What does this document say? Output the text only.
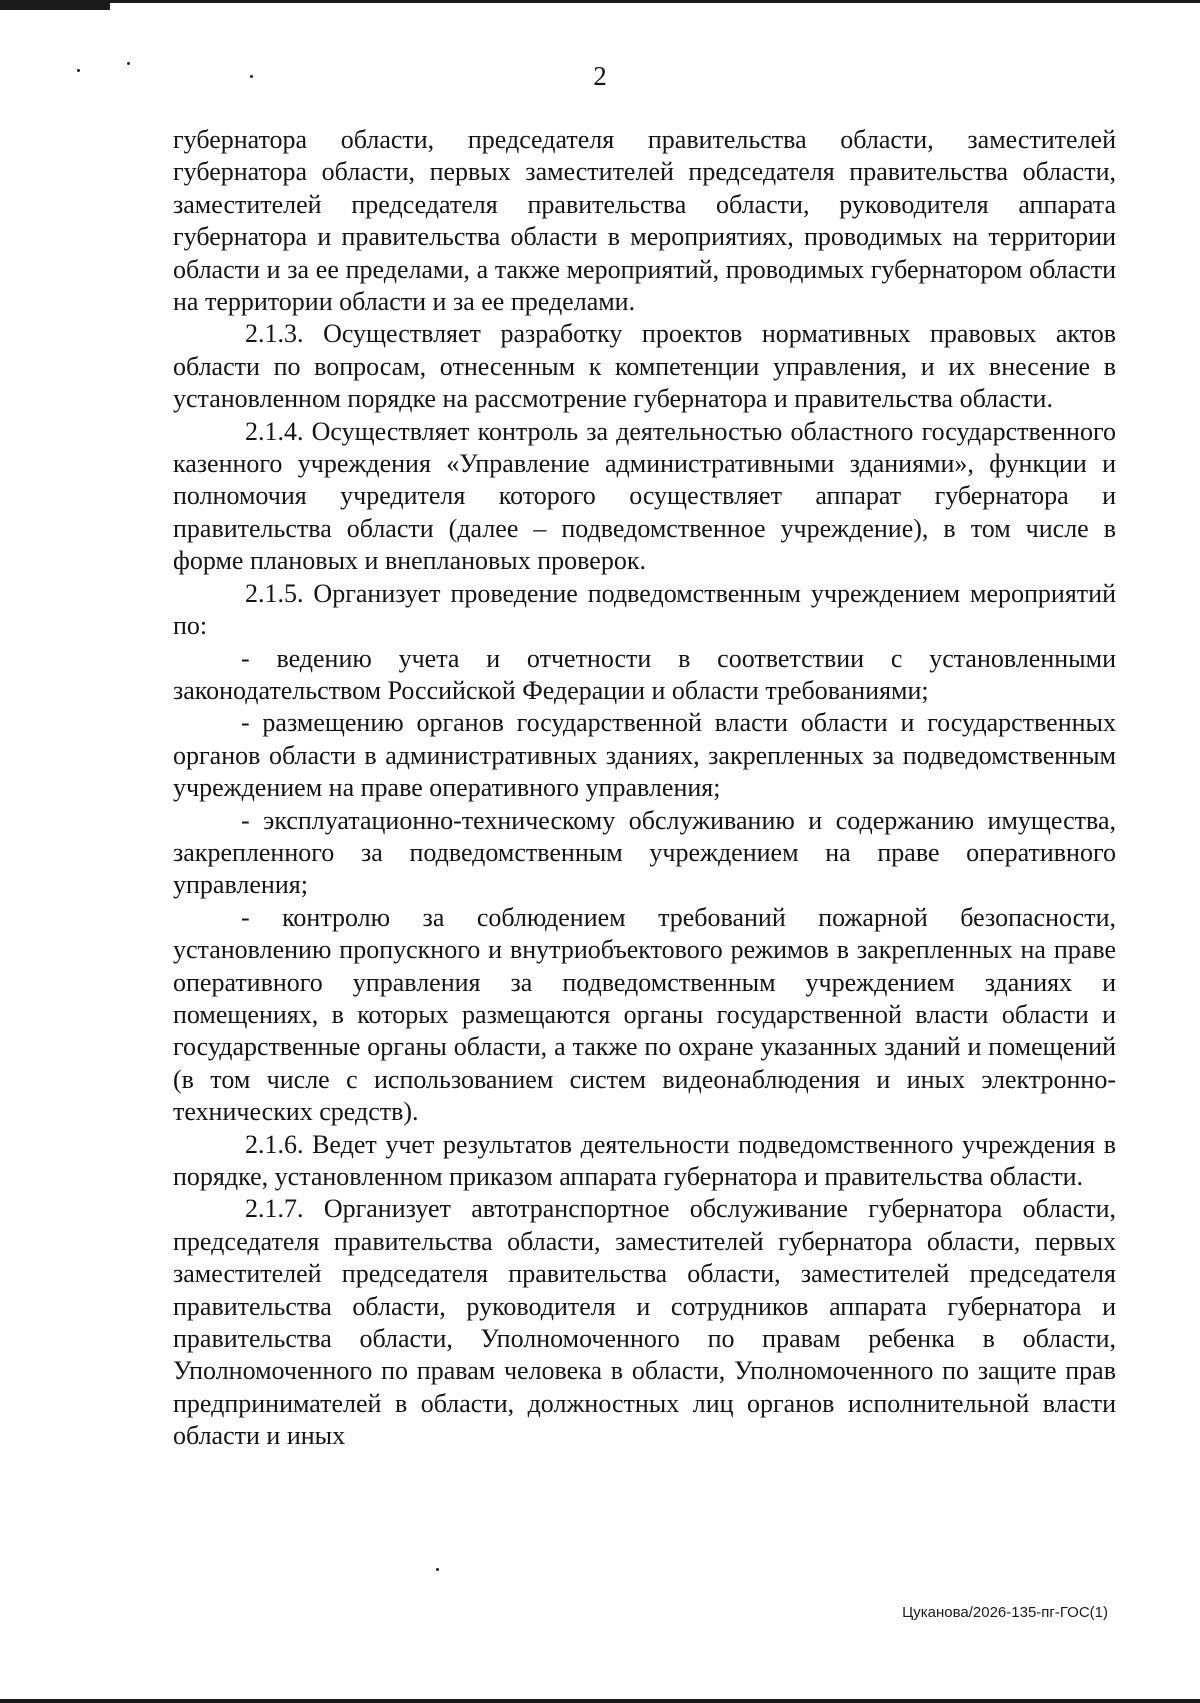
2

губернатора области, председателя правительства области, заместителей губернатора области, первых заместителей председателя правительства области, заместителей председателя правительства области, руководителя аппарата губернатора и правительства области в мероприятиях, проводимых на территории области и за ее пределами, а также мероприятий, проводимых губернатором области на территории области и за ее пределами.

2.1.3. Осуществляет разработку проектов нормативных правовых актов области по вопросам, отнесенным к компетенции управления, и их внесение в установленном порядке на рассмотрение губернатора и правительства области.

2.1.4. Осуществляет контроль за деятельностью областного государственного казенного учреждения «Управление административными зданиями», функции и полномочия учредителя которого осуществляет аппарат губернатора и правительства области (далее – подведомственное учреждение), в том числе в форме плановых и внеплановых проверок.

2.1.5. Организует проведение подведомственным учреждением мероприятий по:

- ведению учета и отчетности в соответствии с установленными законодательством Российской Федерации и области требованиями;

- размещению органов государственной власти области и государственных органов области в административных зданиях, закрепленных за подведомственным учреждением на праве оперативного управления;

- эксплуатационно-техническому обслуживанию и содержанию имущества, закрепленного за подведомственным учреждением на праве оперативного управления;

- контролю за соблюдением требований пожарной безопасности, установлению пропускного и внутриобъектового режимов в закрепленных на праве оперативного управления за подведомственным учреждением зданиях и помещениях, в которых размещаются органы государственной власти области и государственные органы области, а также по охране указанных зданий и помещений (в том числе с использованием систем видеонаблюдения и иных электронно-технических средств).

2.1.6. Ведет учет результатов деятельности подведомственного учреждения в порядке, установленном приказом аппарата губернатора и правительства области.

2.1.7. Организует автотранспортное обслуживание губернатора области, председателя правительства области, заместителей губернатора области, первых заместителей председателя правительства области, заместителей председателя правительства области, руководителя и сотрудников аппарата губернатора и правительства области, Уполномоченного по правам ребенка в области, Уполномоченного по правам человека в области, Уполномоченного по защите прав предпринимателей в области, должностных лиц органов исполнительной власти области и иных

Цуканова/2026-135-пг-ГОС(1)
